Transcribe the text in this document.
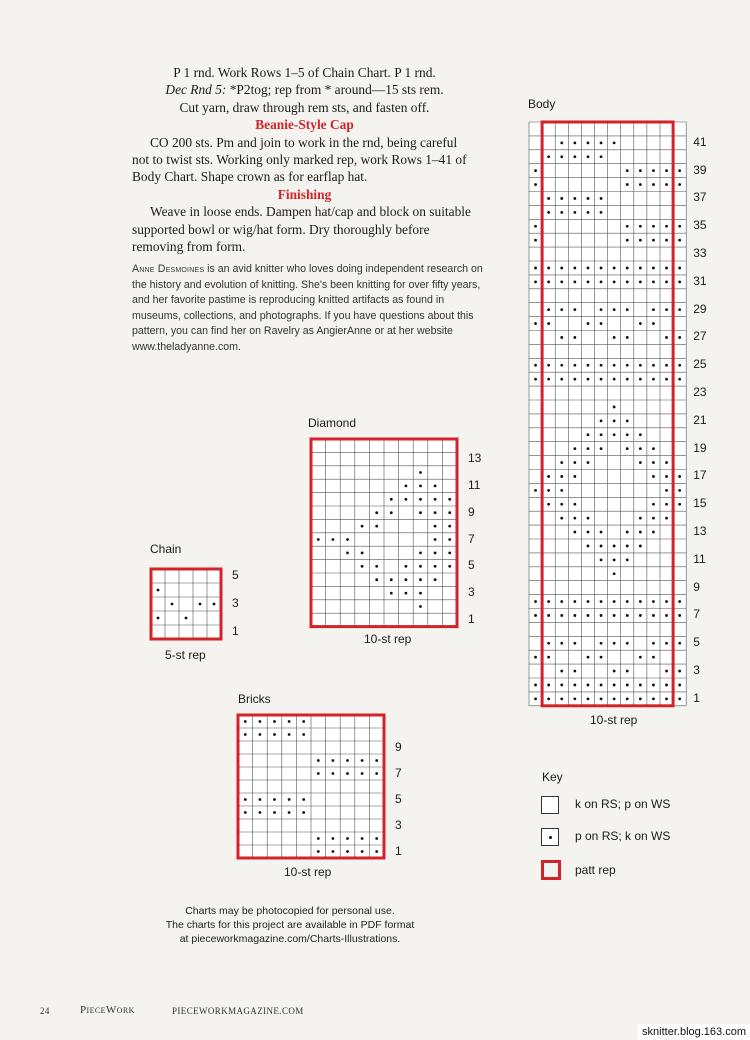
P 1 rnd. Work Rows 1–5 of Chain Chart. P 1 rnd.

Dec Rnd 5: *P2tog; rep from * around—15 sts rem.

Cut yarn, draw through rem sts, and fasten off.

Beanie-Style Cap

CO 200 sts. Pm and join to work in the rnd, being careful not to twist sts. Working only marked rep, work Rows 1–41 of Body Chart. Shape crown as for earflap hat.

Finishing

Weave in loose ends. Dampen hat/cap and block on suitable supported bowl or wig/hat form. Dry thoroughly before removing from form.

Anne Desmoines is an avid knitter who loves doing independent research on the history and evolution of knitting. She's been knitting for over fifty years, and her favorite pastime is reproducing knitted artifacts as found in museums, collections, and photographs. If you have questions about this pattern, you can find her on Ravelry as AngierAnne or at her website www.theladyanne.com.
Chain
5-st rep
Diamond
10-st rep
Bricks
10-st rep
Body
10-st rep
5
3
1
13
11
9
7
5
3
1
9
7
5
3
1
41
39
37
35
33
31
29
27
25
23
21
19
17
15
13
11
9
7
5
3
1
Key
k on RS; p on WS
p on RS; k on WS
patt rep
Charts may be photocopied for personal use.
The charts for this project are available in PDF format
at pieceworkmagazine.com/Charts-Illustrations.
24	PieceWork	PIECEWORKMAGAZINE.COM
sknitter.blog.163.com
